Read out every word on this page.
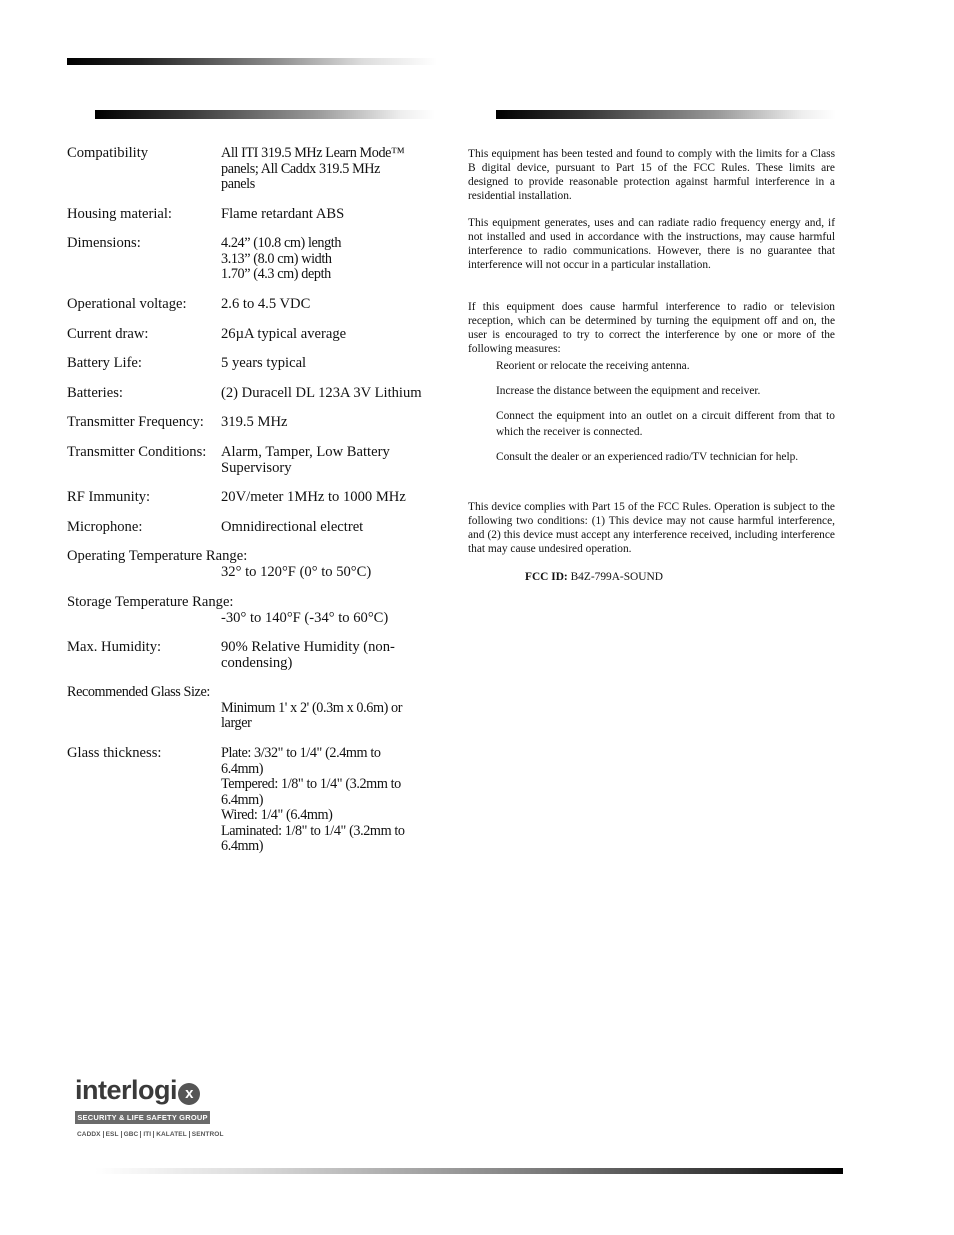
Compatibility	All ITI 319.5 MHz Learn Mode™
panels; All Caddx 319.5 MHz
panels
Housing material:	Flame retardant ABS
Dimensions:	4.24” (10.8 cm) length
3.13” (8.0 cm) width
1.70” (4.3 cm) depth
Operational voltage: 2.6 to 4.5 VDC
Current draw:	26µA typical average
Battery Life:	5 years typical
Batteries:	(2) Duracell DL 123A 3V Lithium
Transmitter Frequency: 319.5 MHz
Transmitter Conditions: Alarm, Tamper, Low Battery
Supervisory
RF Immunity:	20V/meter 1MHz to 1000 MHz
Microphone:	Omnidirectional electret
Operating Temperature Range:
32° to 120°F (0° to 50°C)
Storage Temperature Range:
-30° to 140°F (-34° to 60°C)
Max. Humidity:	90% Relative Humidity (non-
condensing)
Recommended Glass Size:
Minimum 1' x 2' (0.3m x 0.6m) or
larger
Glass thickness:	Plate: 3/32" to 1/4" (2.4mm to
6.4mm)
Tempered: 1/8" to 1/4" (3.2mm to
6.4mm)
Wired: 1/4" (6.4mm)
Laminated: 1/8" to 1/4" (3.2mm to
6.4mm)

This equipment has been tested and found to comply with the limits for a Class B digital device, pursuant to Part 15 of the FCC Rules. These limits are designed to provide reasonable protection against harmful interference in a residential installation.

This equipment generates, uses and can radiate radio frequency energy and, if not installed and used in accordance with the instructions, may cause harmful interference to radio communications. However, there is no guarantee that interference will not occur in a particular installation.

If this equipment does cause harmful interference to radio or television reception, which can be determined by turning the equipment off and on, the user is encouraged to try to correct the interference by one or more of the following measures:

Reorient or relocate the receiving antenna.

Increase the distance between the equipment and receiver.

Connect the equipment into an outlet on a circuit different from that to which the receiver is connected.

Consult the dealer or an experienced radio/TV technician for help.

This device complies with Part 15 of the FCC Rules. Operation is subject to the following two conditions: (1) This device may not cause harmful interference, and (2) this device must accept any interference received, including interference that may cause undesired operation.

FCC ID: B4Z-799A-SOUND
interlogi x
SECURITY & LIFE SAFETY GROUP
CADDX ESL GBC ITI KALATEL SENTROL
